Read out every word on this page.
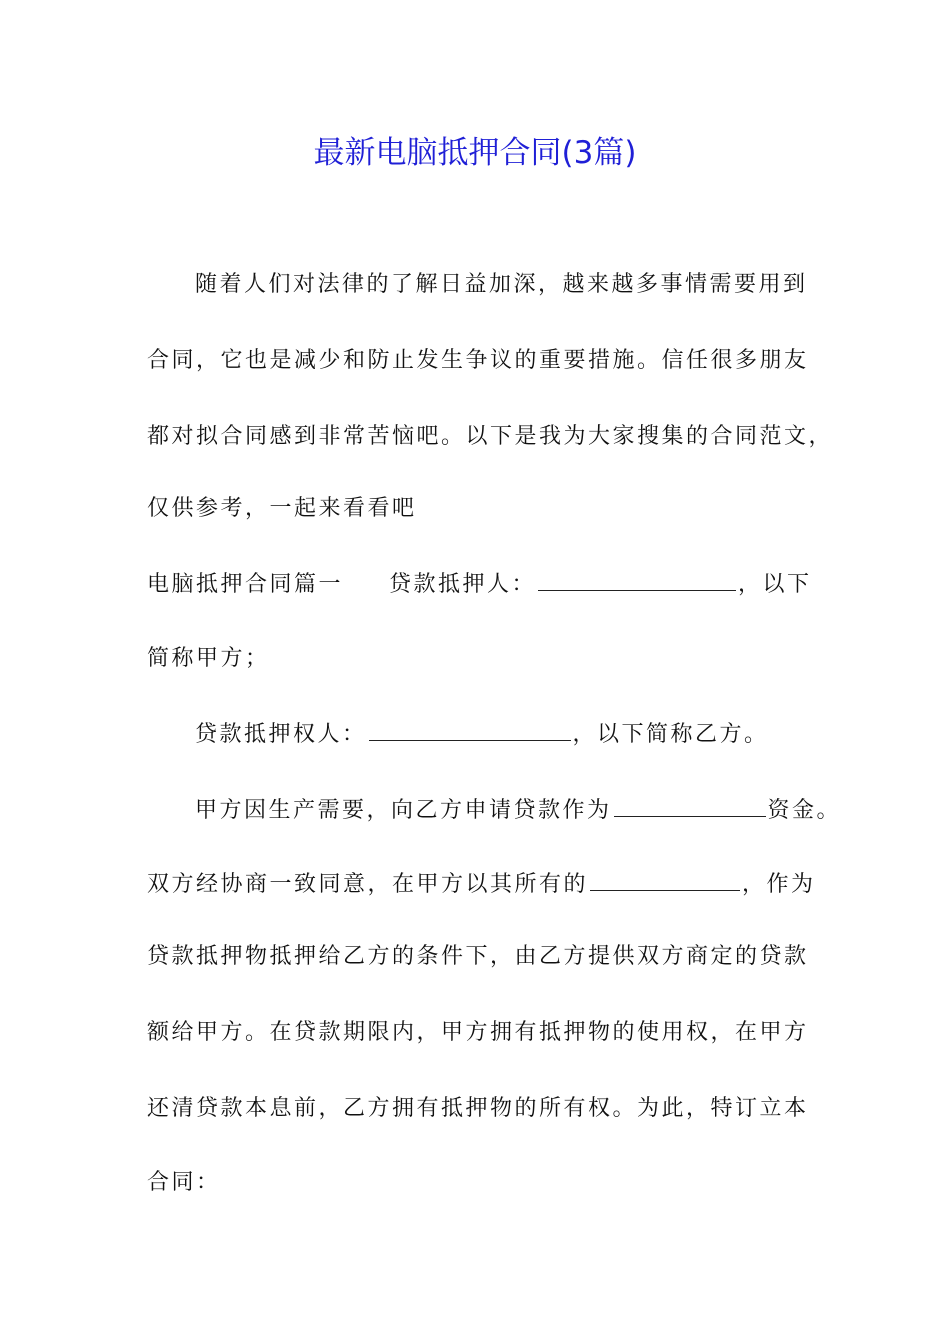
最新电脑抵押合同(3篇)
随着人们对法律的了解日益加深，越来越多事情需要用到
合同，它也是减少和防止发生争议的重要措施。信任很多朋友
都对拟合同感到非常苦恼吧。以下是我为大家搜集的合同范文，
仅供参考，一起来看看吧
电脑抵押合同篇一 贷款抵押人：	，以下
简称甲方；
贷款抵押权人：	，以下简称乙方。
甲方因生产需要，向乙方申请贷款作为	资金。
双方经协商一致同意，在甲方以其所有的	，作为
贷款抵押物抵押给乙方的条件下，由乙方提供双方商定的贷款
额给甲方。在贷款期限内，甲方拥有抵押物的使用权，在甲方
还清贷款本息前，乙方拥有抵押物的所有权。为此，特订立本
合同：
